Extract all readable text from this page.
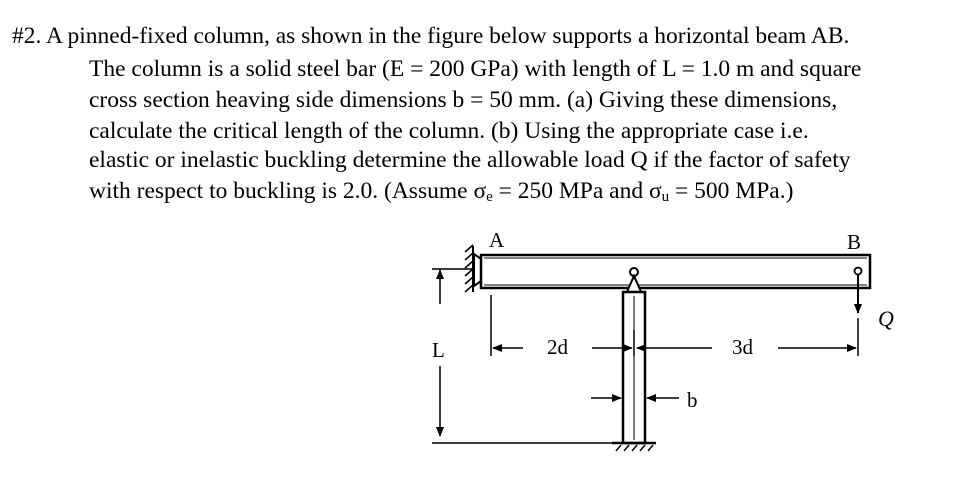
#2. A pinned-fixed column, as shown in the figure below supports a horizontal beam AB.
The column is a solid steel bar (E = 200 GPa) with length of L = 1.0 m and square
cross section heaving side dimensions b = 50 mm. (a) Giving these dimensions,
calculate the critical length of the column. (b) Using the appropriate case i.e.
elastic or inelastic buckling determine the allowable load Q if the factor of safety
with respect to buckling is 2.0. (Assume $\sigma_e = 250$ MPa and $\sigma_u = 500$ MPa.)
A	B
Q
L	2d	3d
b
